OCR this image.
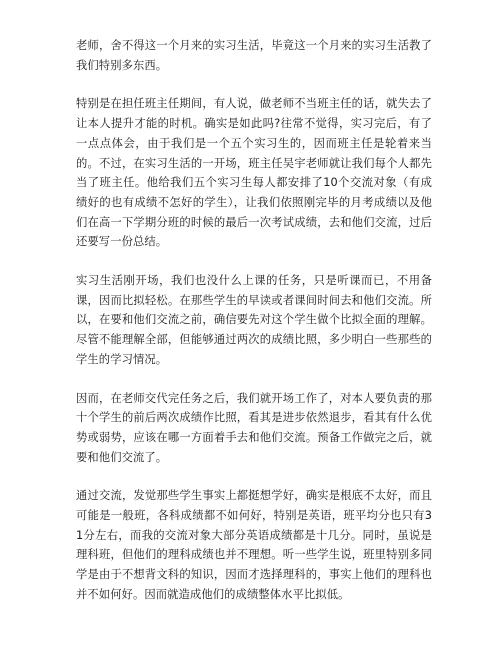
老师，舍不得这一个月来的实习生活，毕竟这一个月来的实习生活教了我们特别多东西。

特别是在担任班主任期间，有人说，做老师不当班主任的话，就失去了让本人提升才能的时机。确实是如此吗?往常不觉得，实习完后，有了一点点体会，由于我们是一个五个实习生的，因而班主任是轮着来当的。不过，在实习生活的一开场，班主任吴宇老师就让我们每个人都先当了班主任。他给我们五个实习生每人都安排了10个交流对象（有成绩好的也有成绩不怎好的学生），让我们依照刚完毕的月考成绩以及他们在高一下学期分班的时候的最后一次考试成绩，去和他们交流，过后还要写一份总结。

实习生活刚开场，我们也没什么上课的任务，只是听课而已，不用备课，因而比拟轻松。在那些学生的早读或者课间时间去和他们交流。所以，在要和他们交流之前，确信要先对这个学生做个比拟全面的理解。尽管不能理解全部，但能够通过两次的成绩比照，多少明白一些那些的学生的学习情况。

因而，在老师交代完任务之后，我们就开场工作了，对本人要负责的那十个学生的前后两次成绩作比照，看其是进步依然退步，看其有什么优势或弱势，应该在哪一方面着手去和他们交流。预备工作做完之后，就要和他们交流了。

通过交流，发觉那些学生事实上都挺想学好，确实是根底不太好，而且可能是一般班，各科成绩都不如何好，特别是英语，班平均分也只有31分左右，而我的交流对象大部分英语成绩都是十几分。同时，虽说是理科班，但他们的理科成绩也并不理想。听一些学生说，班里特别多同学是由于不想背文科的知识，因而才选择理科的，事实上他们的理科也并不如何好。因而就造成他们的成绩整体水平比拟低。
